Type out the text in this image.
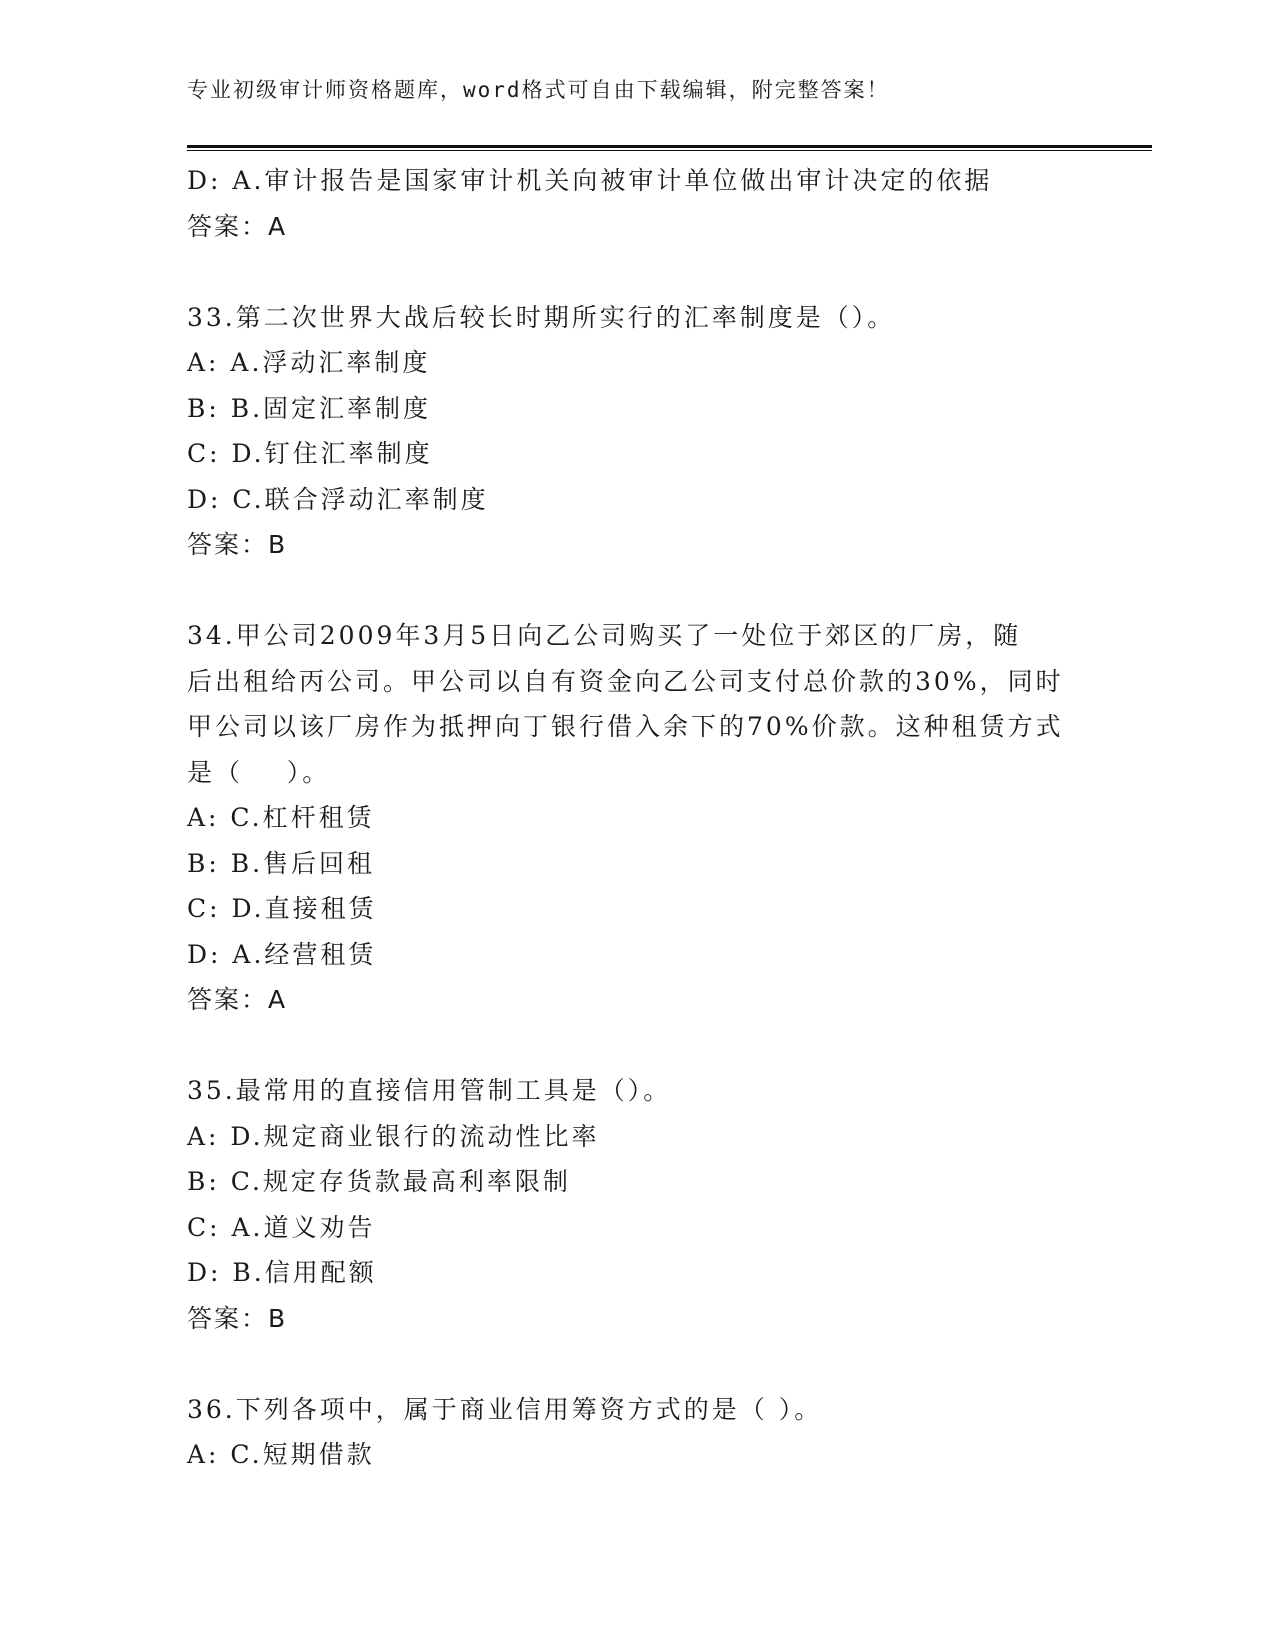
专业初级审计师资格题库，word格式可自由下载编辑，附完整答案！
D: A.审计报告是国家审计机关向被审计单位做出审计决定的依据
答案：A
33.第二次世界大战后较长时期所实行的汇率制度是（）。
A: A.浮动汇率制度
B: B.固定汇率制度
C: D.钉住汇率制度
D: C.联合浮动汇率制度
答案：B
34.甲公司2009年3月5日向乙公司购买了一处位于郊区的厂房，随
后出租给丙公司。甲公司以自有资金向乙公司支付总价款的30%，同时
甲公司以该厂房作为抵押向丁银行借入余下的70%价款。这种租赁方式
是（    ）。
A: C.杠杆租赁
B: B.售后回租
C: D.直接租赁
D: A.经营租赁
答案：A
35.最常用的直接信用管制工具是（）。
A: D.规定商业银行的流动性比率
B: C.规定存货款最高利率限制
C: A.道义劝告
D: B.信用配额
答案：B
36.下列各项中，属于商业信用筹资方式的是（ ）。
A: C.短期借款
